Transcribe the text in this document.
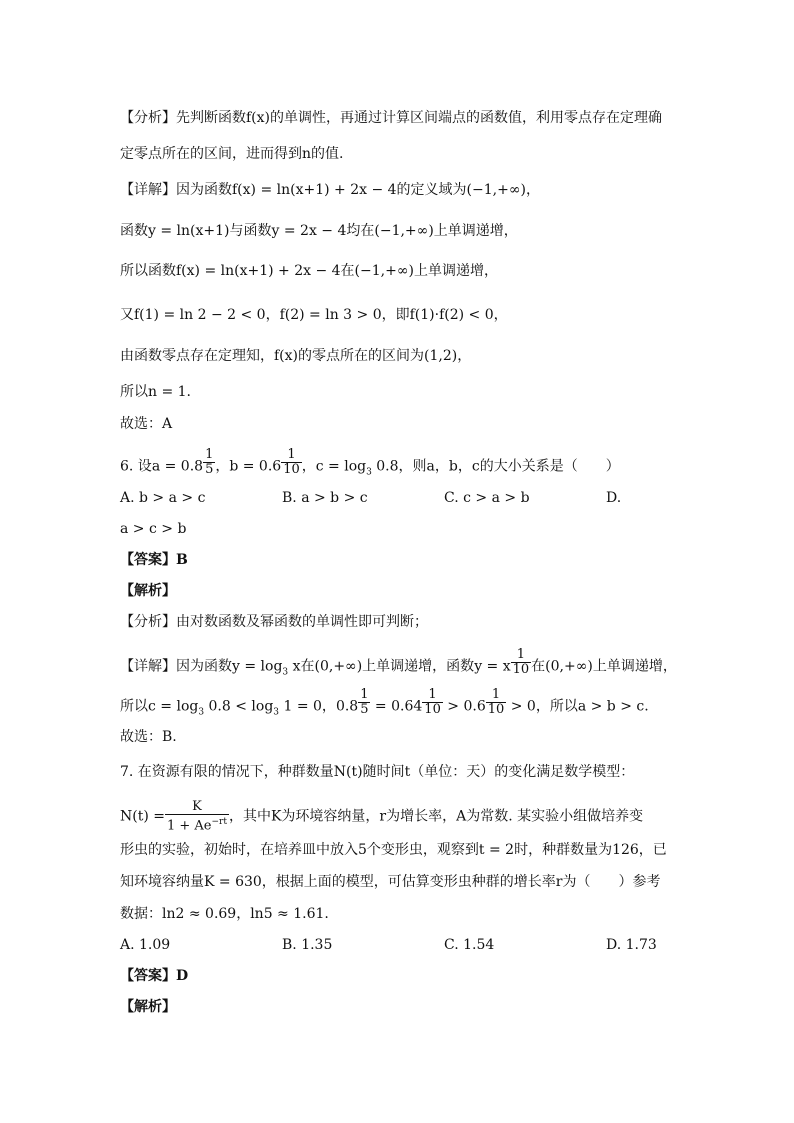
【分析】先判断函数f(x)的单调性，再通过计算区间端点的函数值，利用零点存在定理确
定零点所在的区间，进而得到n的值.
【详解】因为函数f(x) = ln(x+1) + 2x − 4的定义域为(−1,+∞)，
函数y = ln(x+1)与函数y = 2x − 4均在(−1,+∞)上单调递增，
所以函数f(x) = ln(x+1) + 2x − 4在(−1,+∞)上单调递增，
又f(1) = ln 2 − 2 < 0，f(2) = ln 3 > 0，即f(1)·f(2) < 0，
由函数零点存在定理知，f(x)的零点所在的区间为(1,2)，
所以n = 1.
故选：A
6. 设a = 0.8 $^{\frac{1}{5}}$ ，b = 0.6 $^{\frac{1}{10}}$ ，$c = \log_3 0.8$，则a，b，c的大小关系是（　　）
A. b > a > c	B. a > b > c	C. c > a > b	D.
a > c > b
【答案】B
【解析】
【分析】由对数函数及幂函数的单调性即可判断；
【详解】因为函数$y = \log_3 x$在(0,+∞)上单调递增，函数y = x $^{\frac{1}{10}}$ 在(0,+∞)上单调递增，
所以$c = \log_3 0.8 < \log_3 1 = 0$，0.8 $^{\frac{1}{5}}$ = 0.64 $^{\frac{1}{10}}$ > 0.6 $^{\frac{1}{10}}$ > 0，所以a > b > c.
故选：B.
7. 在资源有限的情况下，种群数量N(t)随时间t（单位：天）的变化满足数学模型：
$N(t) = \frac{K}{1 + Ae^{-rt}}$ ，其中K为环境容纳量，r为增长率，A为常数. 某实验小组做培养变
形虫的实验，初始时，在培养皿中放入5个变形虫，观察到t = 2时，种群数量为126，已
知环境容纳量K = 630，根据上面的模型，可估算变形虫种群的增长率r为（　　）参考
数据：ln2 ≈ 0.69，ln5 ≈ 1.61.
A. 1.09	B. 1.35	C. 1.54	D. 1.73
【答案】D
【解析】
